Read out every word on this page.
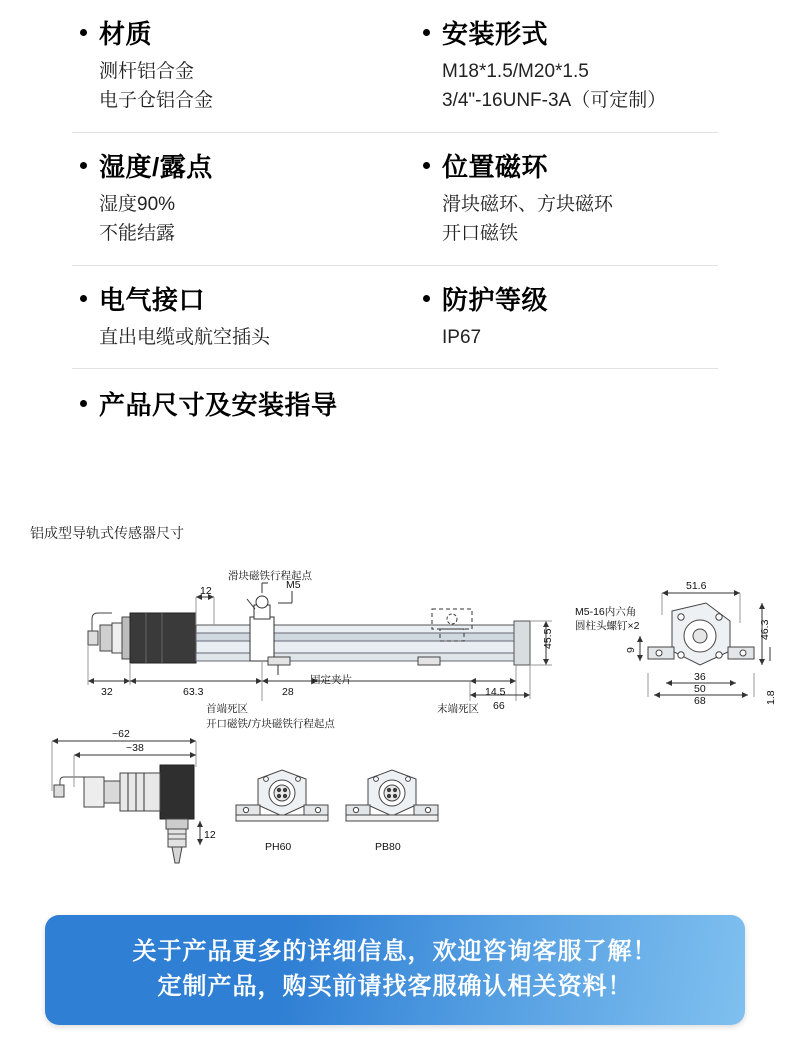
材质
测杆铝合金
电子仓铝合金
安装形式
M18*1.5/M20*1.5
3/4"-16UNF-3A（可定制）
湿度/露点
湿度90%
不能结露
位置磁环
滑块磁环、方块磁环
开口磁铁
电气接口
直出电缆或航空插头
防护等级
IP67
产品尺寸及安装指导
铝成型导轨式传感器尺寸
滑块磁铁行程起点
12	M5
32	63.3	28	14.5
66
固定夹片
首端死区
开口磁铁/方块磁铁行程起点
末端死区
45.5
M5-16内六角
圆柱头螺钉×2
51.6
46.3
9
36
50
68	1.8
~62
~38
12
PH60	PB80
关于产品更多的详细信息，欢迎咨询客服了解！
定制产品，购买前请找客服确认相关资料！
